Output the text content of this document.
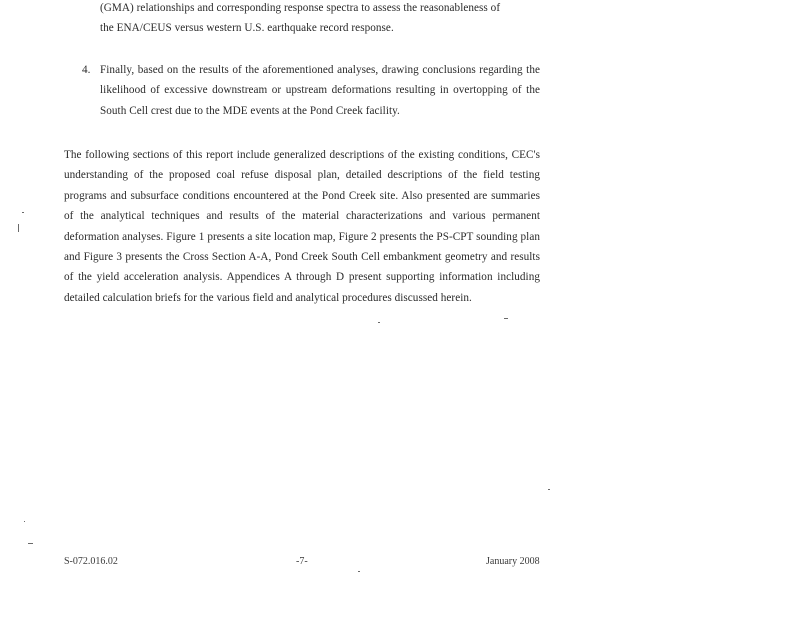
(GMA) relationships and corresponding response spectra to assess the reasonableness of
the ENA/CEUS versus western U.S. earthquake record response.
4. Finally, based on the results of the aforementioned analyses, drawing conclusions regarding the likelihood of excessive downstream or upstream deformations resulting in overtopping of the South Cell crest due to the MDE events at the Pond Creek facility.
The following sections of this report include generalized descriptions of the existing conditions, CEC's understanding of the proposed coal refuse disposal plan, detailed descriptions of the field testing programs and subsurface conditions encountered at the Pond Creek site. Also presented are summaries of the analytical techniques and results of the material characterizations and various permanent deformation analyses. Figure 1 presents a site location map, Figure 2 presents the PS-CPT sounding plan and Figure 3 presents the Cross Section A-A, Pond Creek South Cell embankment geometry and results of the yield acceleration analysis. Appendices A through D present supporting information including detailed calculation briefs for the various field and analytical procedures discussed herein.
S-072.016.02	-7-	January 2008
